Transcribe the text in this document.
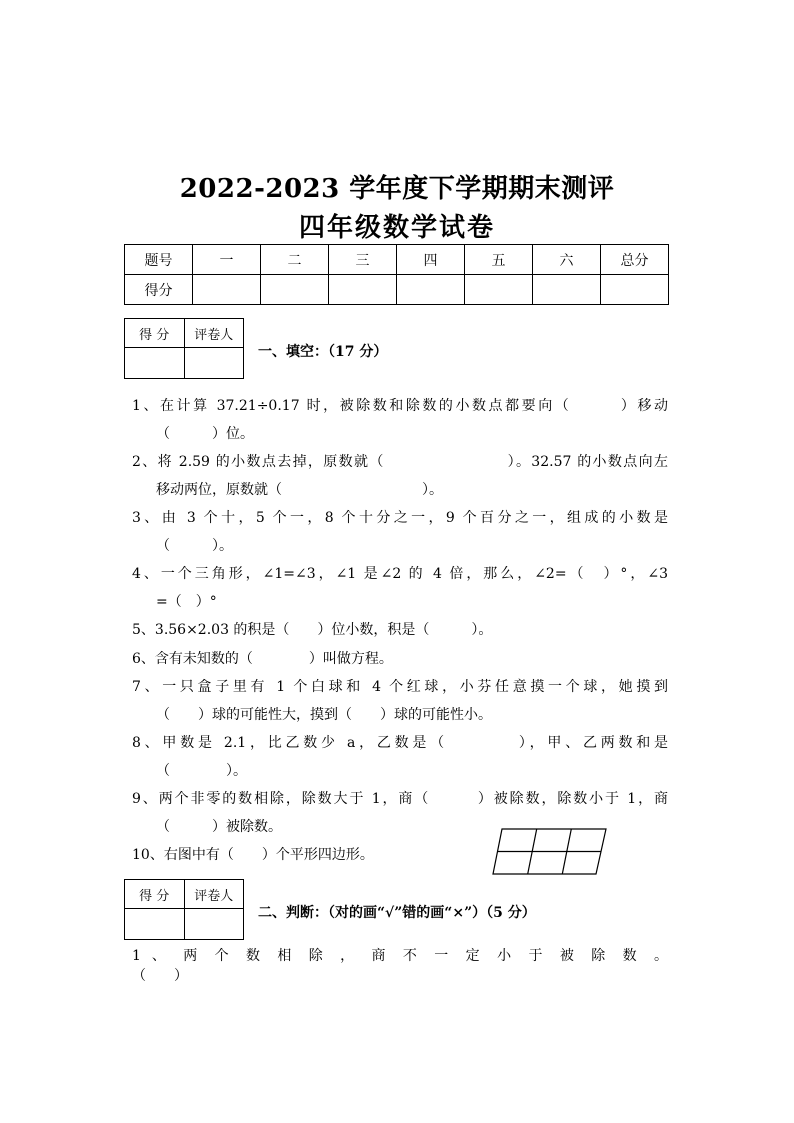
2022-2023 学年度下学期期末测评
四年级数学试卷
题号	一	二	三	四	五	六	总分
得分							
得 分	评卷人

一、填空：（17 分）
1、在计算 37.21÷0.17 时，被除数和除数的小数点都要向（　　　）移动
（　　　）位。
2、将 2.59 的小数点去掉，原数就（　　　　　　　　）。32.57 的小数点向左
移动两位，原数就（　　　　　　　　　　）。
3、由 3 个十，5 个一，8 个十分之一，9 个百分之一，组成的小数是
（　　　）。
4、一个三角形，∠1=∠3，∠1 是∠2 的 4 倍，那么，∠2=（　）°，∠3
=（　）°
5、3.56×2.03 的积是（　　）位小数，积是（　　　）。
6、含有未知数的（　　　　）叫做方程。
7、一只盒子里有 1 个白球和 4 个红球，小芬任意摸一个球，她摸到
（　　）球的可能性大，摸到（　　）球的可能性小。
8、甲数是 2.1，比乙数少 a，乙数是（　　　　），甲、乙两数和是
（　　　　）。
9、两个非零的数相除，除数大于 1，商（　　　）被除数，除数小于 1，商
（　　　）被除数。
10、右图中有（　　）个平形四边形。
得 分	评卷人

二、判断：（对的画“√”错的画“×”）（5 分）
1 、 两 个 数 相 除 ， 商 不 一 定 小 于 被 除 数 。
（　　）
